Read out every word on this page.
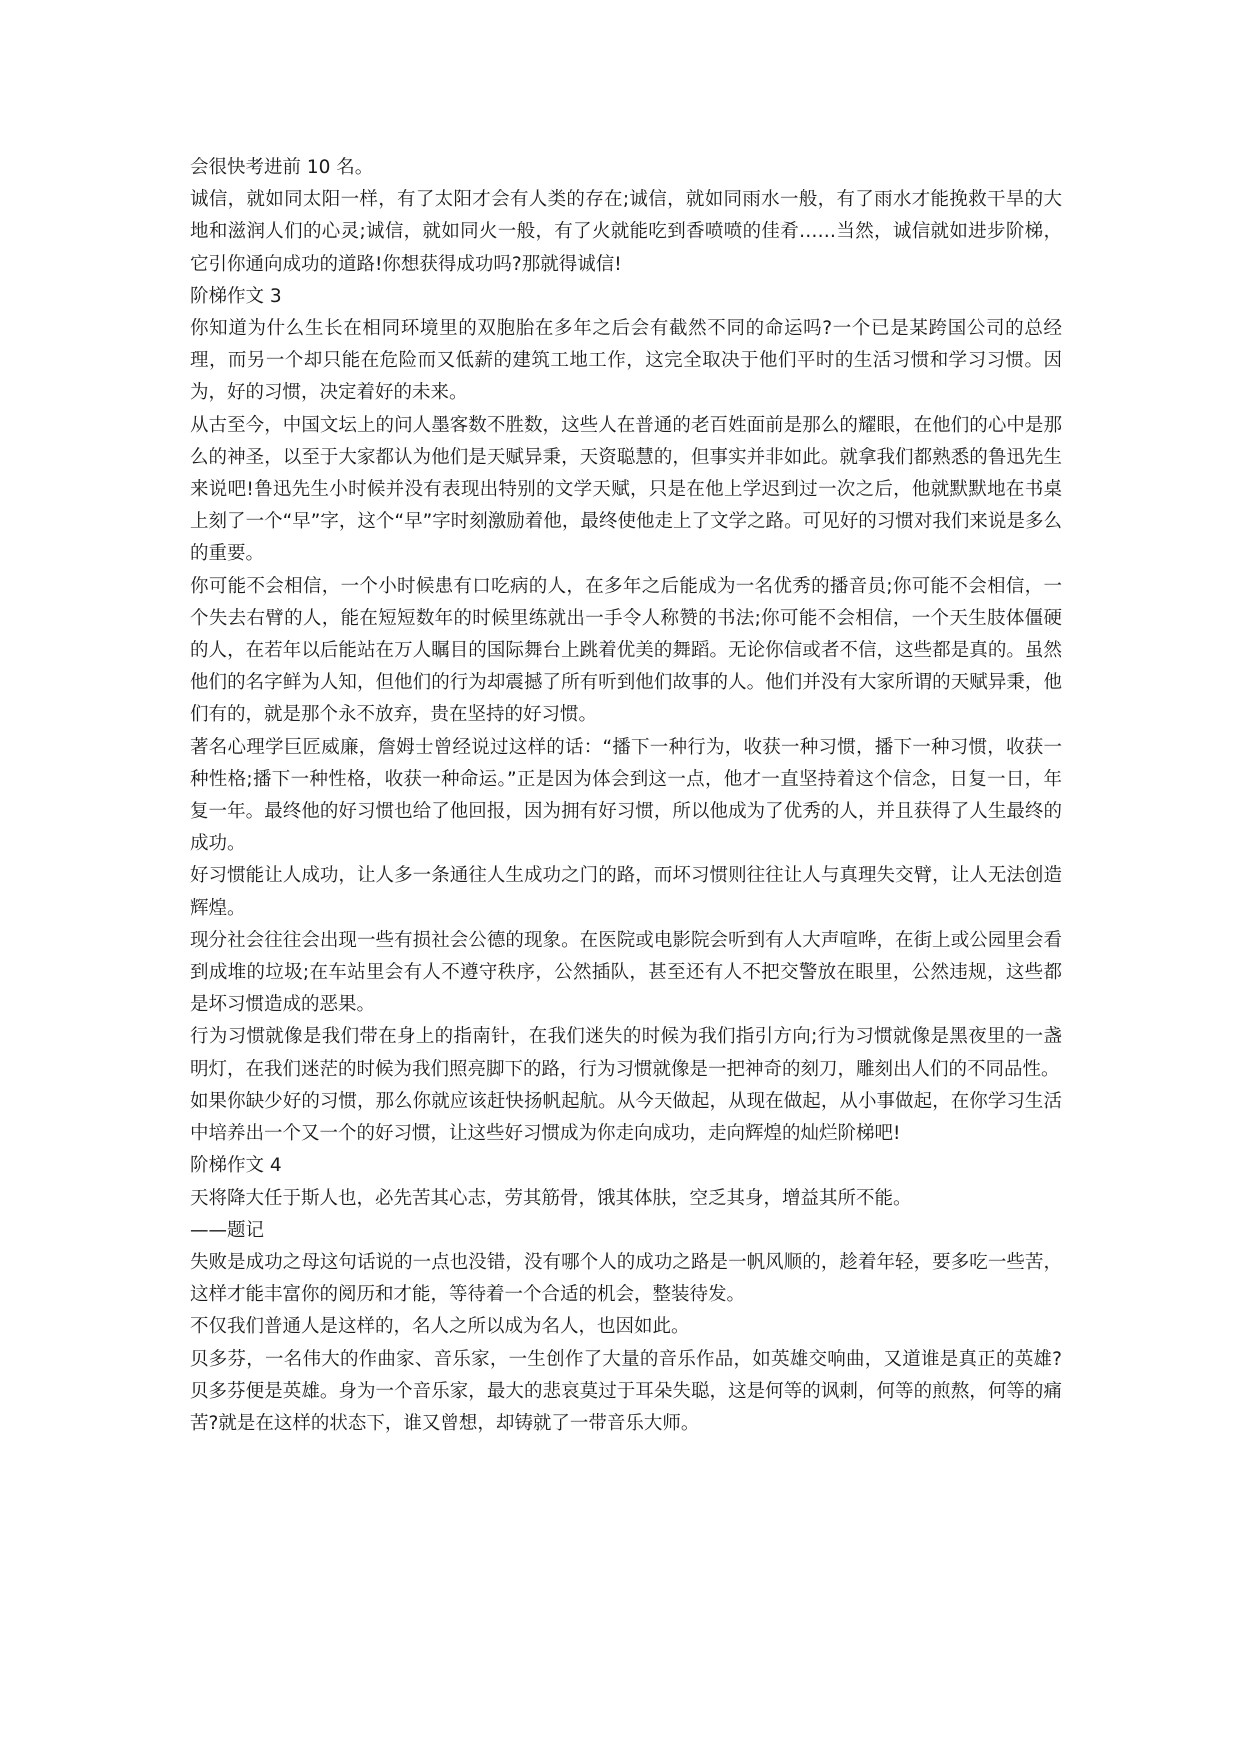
会很快考进前 10 名。

诚信，就如同太阳一样，有了太阳才会有人类的存在;诚信，就如同雨水一般，有了雨水才能挽救干旱的大地和滋润人们的心灵;诚信，就如同火一般，有了火就能吃到香喷喷的佳肴……当然，诚信就如进步阶梯，它引你通向成功的道路!你想获得成功吗?那就得诚信!

阶梯作文 3

你知道为什么生长在相同环境里的双胞胎在多年之后会有截然不同的命运吗?一个已是某跨国公司的总经理，而另一个却只能在危险而又低薪的建筑工地工作，这完全取决于他们平时的生活习惯和学习习惯。因为，好的习惯，决定着好的未来。

从古至今，中国文坛上的问人墨客数不胜数，这些人在普通的老百姓面前是那么的耀眼，在他们的心中是那么的神圣，以至于大家都认为他们是天赋异秉，天资聪慧的，但事实并非如此。就拿我们都熟悉的鲁迅先生来说吧!鲁迅先生小时候并没有表现出特别的文学天赋，只是在他上学迟到过一次之后，他就默默地在书桌上刻了一个“早”字，这个“早”字时刻激励着他，最终使他走上了文学之路。可见好的习惯对我们来说是多么的重要。

你可能不会相信，一个小时候患有口吃病的人，在多年之后能成为一名优秀的播音员;你可能不会相信，一个失去右臂的人，能在短短数年的时候里练就出一手令人称赞的书法;你可能不会相信，一个天生肢体僵硬的人，在若年以后能站在万人瞩目的国际舞台上跳着优美的舞蹈。无论你信或者不信，这些都是真的。虽然他们的名字鲜为人知，但他们的行为却震撼了所有听到他们故事的人。他们并没有大家所谓的天赋异秉，他们有的，就是那个永不放弃，贵在坚持的好习惯。

著名心理学巨匠威廉，詹姆士曾经说过这样的话：“播下一种行为，收获一种习惯，播下一种习惯，收获一种性格;播下一种性格，收获一种命运。”正是因为体会到这一点，他才一直坚持着这个信念，日复一日，年复一年。最终他的好习惯也给了他回报，因为拥有好习惯，所以他成为了优秀的人，并且获得了人生最终的成功。

好习惯能让人成功，让人多一条通往人生成功之门的路，而坏习惯则往往让人与真理失交臂，让人无法创造辉煌。

现分社会往往会出现一些有损社会公德的现象。在医院或电影院会听到有人大声喧哗，在街上或公园里会看到成堆的垃圾;在车站里会有人不遵守秩序，公然插队，甚至还有人不把交警放在眼里，公然违规，这些都是坏习惯造成的恶果。

行为习惯就像是我们带在身上的指南针，在我们迷失的时候为我们指引方向;行为习惯就像是黑夜里的一盏明灯，在我们迷茫的时候为我们照亮脚下的路，行为习惯就像是一把神奇的刻刀，雕刻出人们的不同品性。

如果你缺少好的习惯，那么你就应该赶快扬帆起航。从今天做起，从现在做起，从小事做起，在你学习生活中培养出一个又一个的好习惯，让这些好习惯成为你走向成功，走向辉煌的灿烂阶梯吧!

阶梯作文 4

天将降大任于斯人也，必先苦其心志，劳其筋骨，饿其体肤，空乏其身，增益其所不能。

——题记

失败是成功之母这句话说的一点也没错，没有哪个人的成功之路是一帆风顺的，趁着年轻，要多吃一些苦，这样才能丰富你的阅历和才能，等待着一个合适的机会，整装待发。

不仅我们普通人是这样的，名人之所以成为名人，也因如此。

贝多芬，一名伟大的作曲家、音乐家，一生创作了大量的音乐作品，如英雄交响曲，又道谁是真正的英雄?贝多芬便是英雄。身为一个音乐家，最大的悲哀莫过于耳朵失聪，这是何等的讽刺，何等的煎熬，何等的痛苦?就是在这样的状态下，谁又曾想，却铸就了一带音乐大师。
